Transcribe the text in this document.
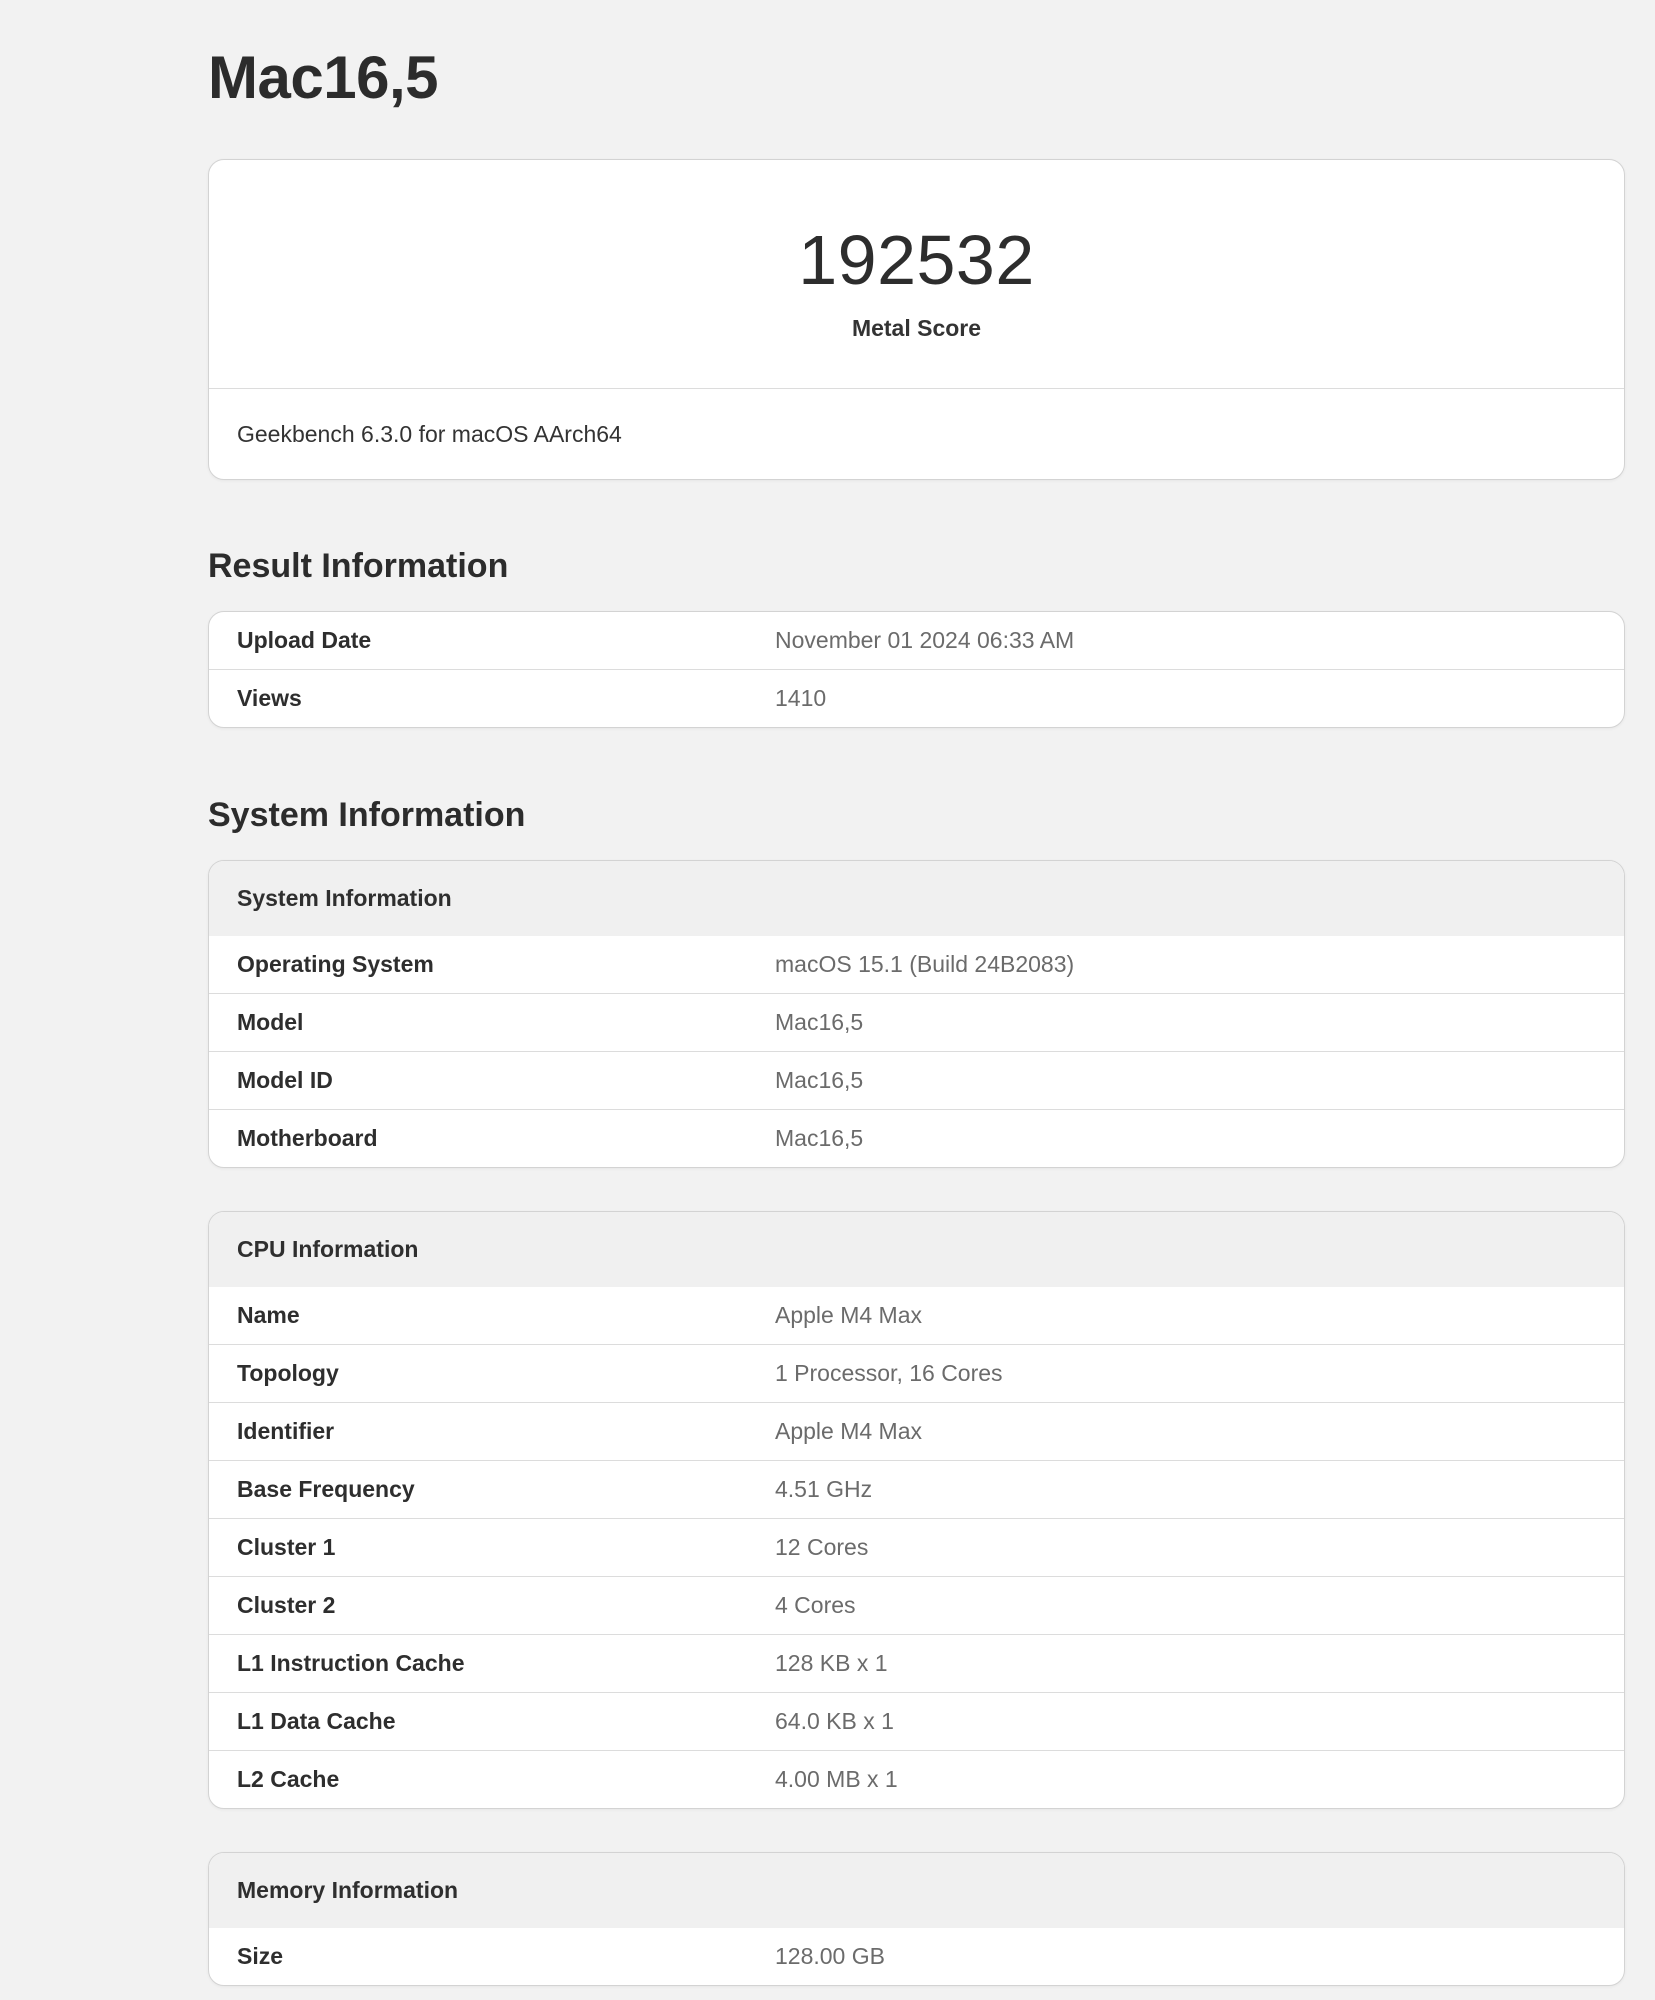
Mac16,5
192532
Metal Score
Geekbench 6.3.0 for macOS AArch64
Result Information
Upload Date	November 01 2024 06:33 AM
Views	1410
System Information
System Information
Operating System	macOS 15.1 (Build 24B2083)
Model	Mac16,5
Model ID	Mac16,5
Motherboard	Mac16,5
CPU Information
Name	Apple M4 Max
Topology	1 Processor, 16 Cores
Identifier	Apple M4 Max
Base Frequency	4.51 GHz
Cluster 1	12 Cores
Cluster 2	4 Cores
L1 Instruction Cache	128 KB x 1
L1 Data Cache	64.0 KB x 1
L2 Cache	4.00 MB x 1
Memory Information
Size	128.00 GB
